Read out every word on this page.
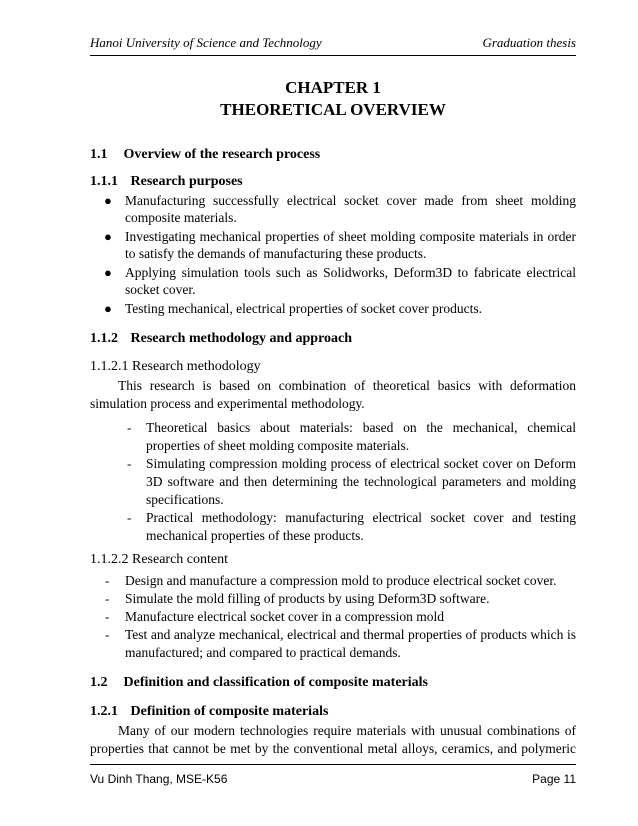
Hanoi University of Science and Technology	Graduation thesis
CHAPTER 1
THEORETICAL OVERVIEW
1.1 Overview of the research process
1.1.1 Research purposes
● Manufacturing successfully electrical socket cover made from sheet molding
composite materials.
● Investigating mechanical properties of sheet molding composite materials in order
to satisfy the demands of manufacturing these products.
● Applying simulation tools such as Solidworks, Deform3D to fabricate electrical
socket cover.
● Testing mechanical, electrical properties of socket cover products.
1.1.2 Research methodology and approach
1.1.2.1 Research methodology
This research is based on combination of theoretical basics with deformation
simulation process and experimental methodology.
- Theoretical basics about materials: based on the mechanical, chemical
properties of sheet molding composite materials.
- Simulating compression molding process of electrical socket cover on Deform
3D software and then determining the technological parameters and molding
specifications.
- Practical methodology: manufacturing electrical socket cover and testing
mechanical properties of these products.
1.1.2.2 Research content
- Design and manufacture a compression mold to produce electrical socket cover.
- Simulate the mold filling of products by using Deform3D software.
- Manufacture electrical socket cover in a compression mold
- Test and analyze mechanical, electrical and thermal properties of products which is
manufactured; and compared to practical demands.
1.2 Definition and classification of composite materials
1.2.1 Definition of composite materials
Many of our modern technologies require materials with unusual combinations of
properties that cannot be met by the conventional metal alloys, ceramics, and polymeric
Vu Dinh Thang, MSE-K56	Page 11
